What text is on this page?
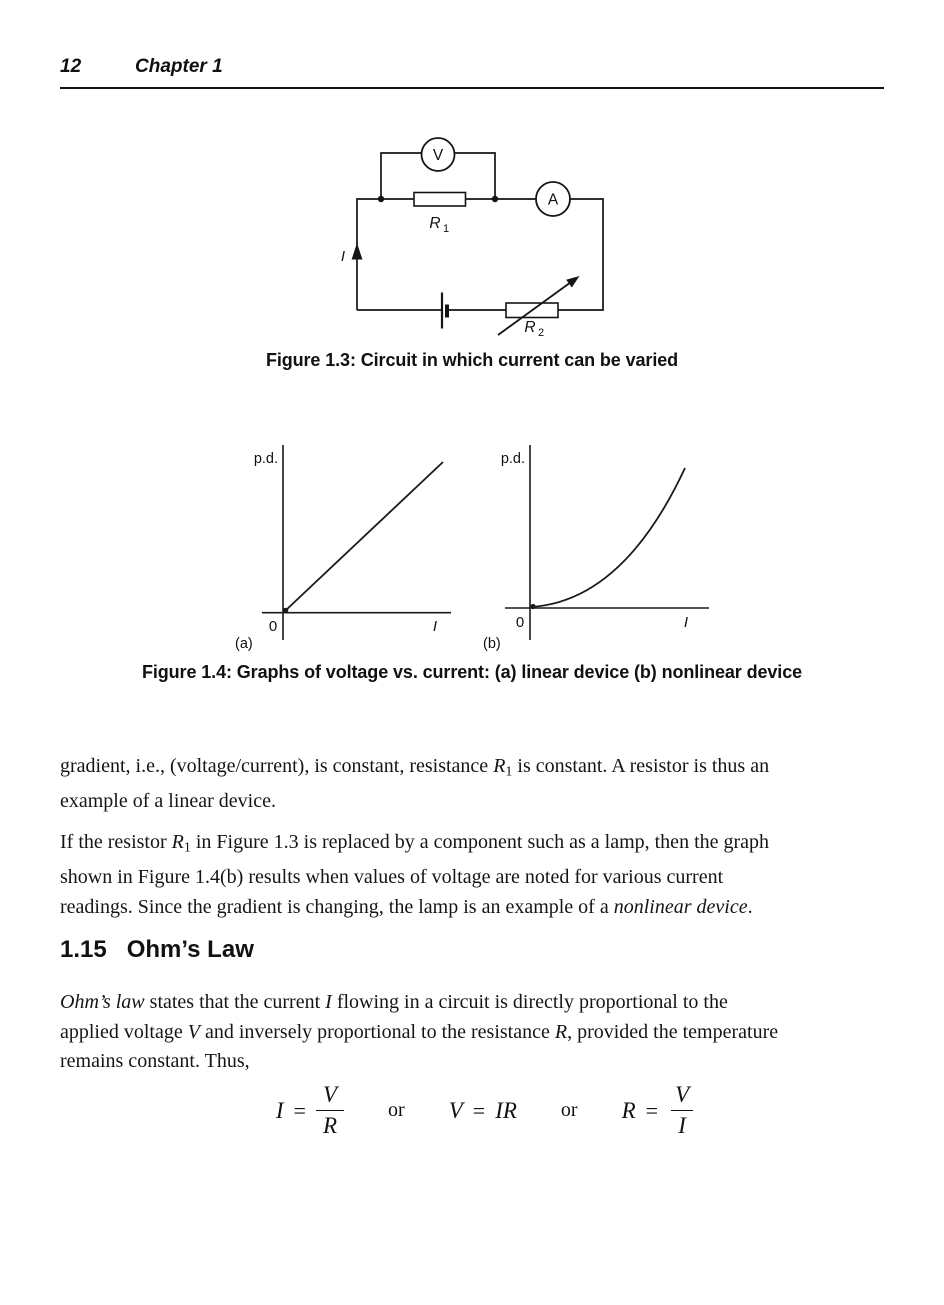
12	Chapter 1
V
A
R 1
R 2
I
Figure 1.3: Circuit in which current can be varied
p.d.
0	I
(a)
p.d.
0	I
(b)
Figure 1.4: Graphs of voltage vs. current: (a) linear device (b) nonlinear device

gradient, i.e., (voltage/current), is constant, resistance R1 is constant. A resistor is thus an
example of a linear device.

If the resistor R1 in Figure 1.3 is replaced by a component such as a lamp, then the graph
shown in Figure 1.4(b) results when values of voltage are noted for various current
readings. Since the gradient is changing, the lamp is an example of a nonlinear device.

1.15 Ohm’s Law

Ohm’s law states that the current I flowing in a circuit is directly proportional to the
applied voltage V and inversely proportional to the resistance R, provided the temperature
remains constant. Thus,

$I = \frac{V}{R}$ or V = IR or $R = \frac{V}{I}$
